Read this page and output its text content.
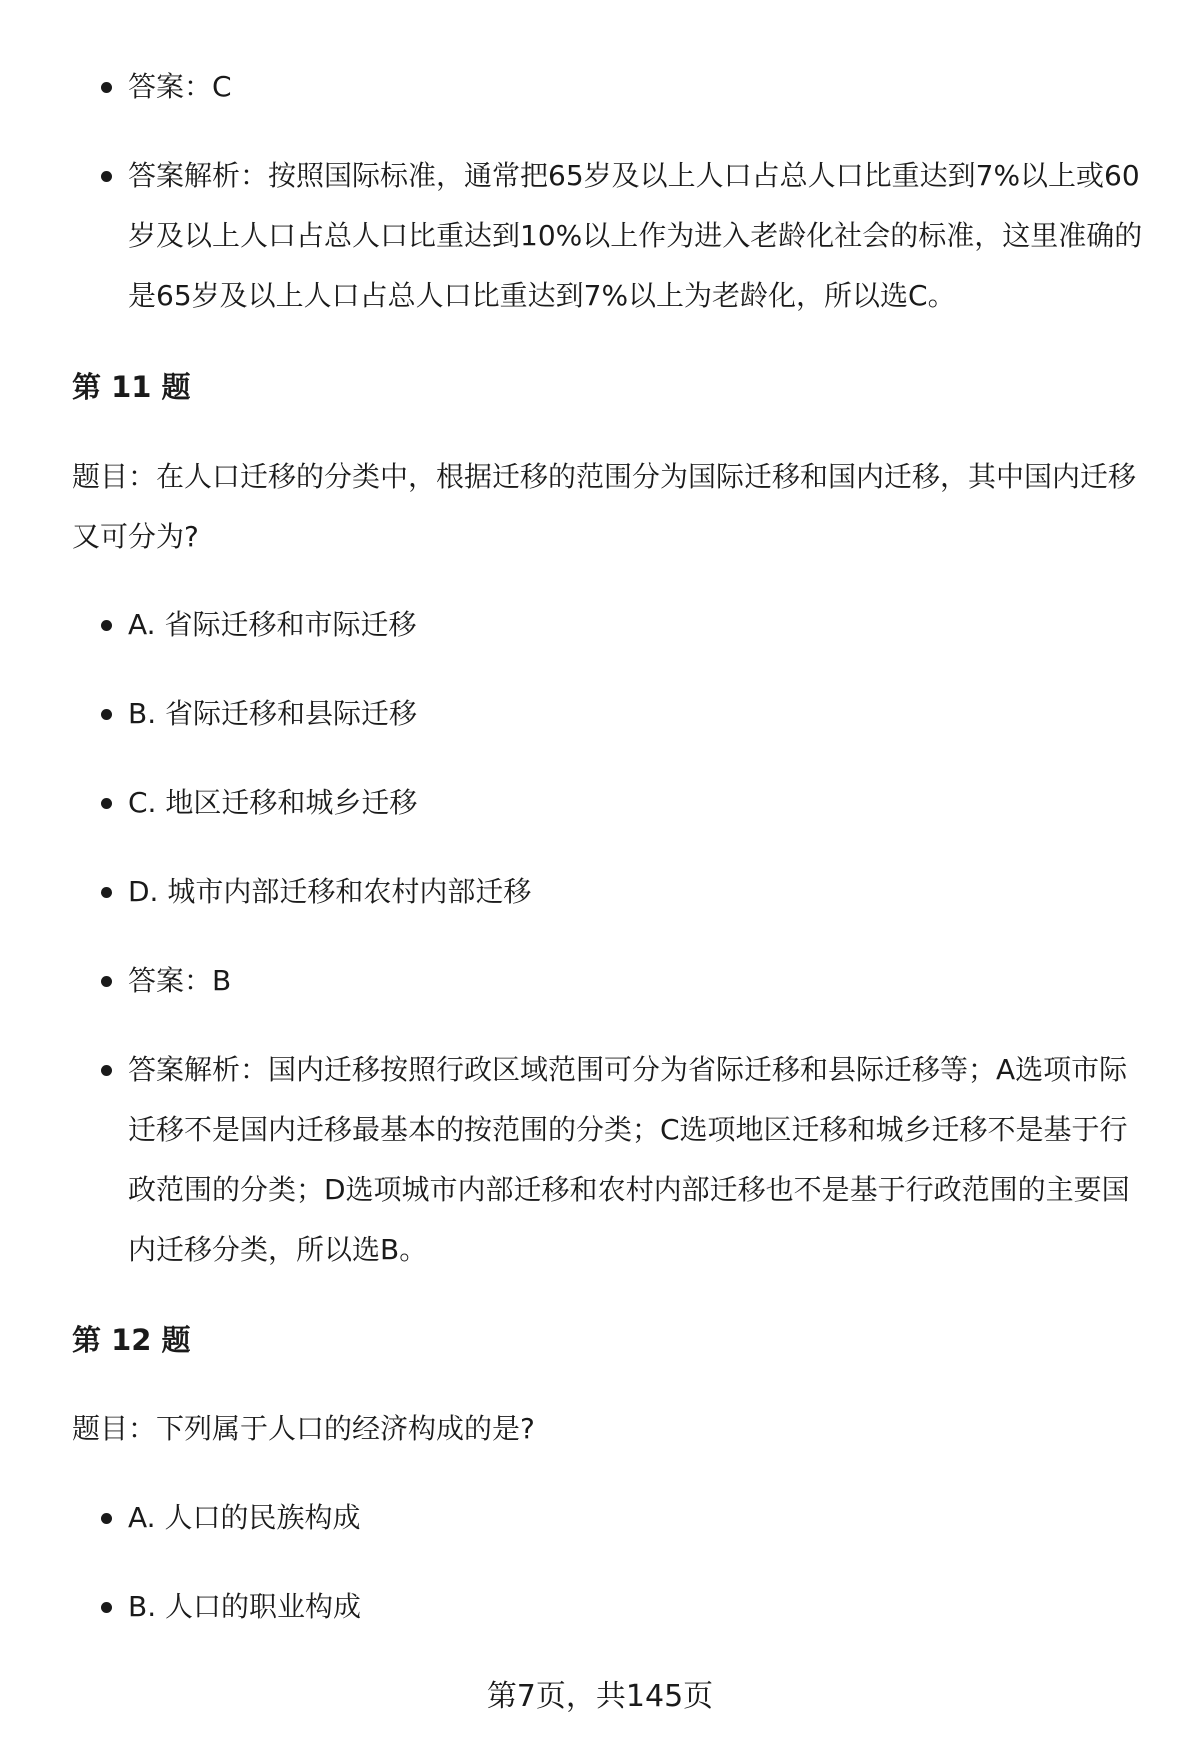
答案：C
答案解析：按照国际标准，通常把65岁及以上人口占总人口比重达到7%以上或60岁及以上人口占总人口比重达到10%以上作为进入老龄化社会的标准，这里准确的是65岁及以上人口占总人口比重达到7%以上为老龄化，所以选C。
第 11 题
题目：在人口迁移的分类中，根据迁移的范围分为国际迁移和国内迁移，其中国内迁移又可分为?
A. 省际迁移和市际迁移
B. 省际迁移和县际迁移
C. 地区迁移和城乡迁移
D. 城市内部迁移和农村内部迁移
答案：B
答案解析：国内迁移按照行政区域范围可分为省际迁移和县际迁移等；A选项市际迁移不是国内迁移最基本的按范围的分类；C选项地区迁移和城乡迁移不是基于行政范围的分类；D选项城市内部迁移和农村内部迁移也不是基于行政范围的主要国内迁移分类，所以选B。
第 12 题
题目：下列属于人口的经济构成的是?
A. 人口的民族构成
B. 人口的职业构成
第7页，共145页
